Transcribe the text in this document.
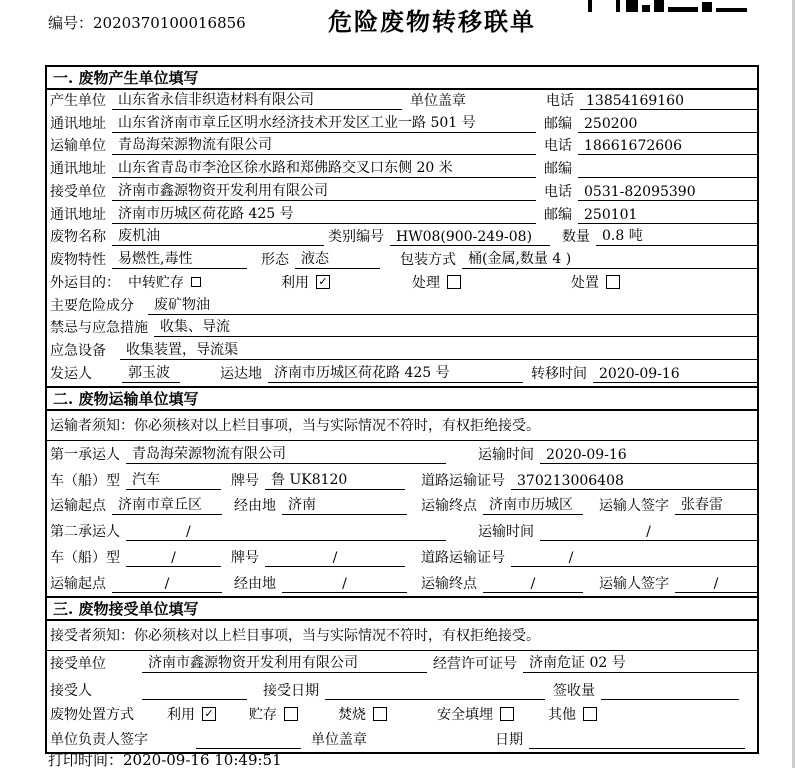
编号：2020370100016856	危险废物转移联单
一. 废物产生单位填写
产生单位 山东省永信非织造材料有限公司	单位盖章	电话 13854169160
通讯地址 山东省济南市章丘区明水经济技术开发区工业一路 501 号	邮编 250200
运输单位 青岛海荣源物流有限公司	电话 18661672606
通讯地址 山东省青岛市李沧区徐水路和郑佛路交叉口东侧 20 米	邮编
接受单位 济南市鑫源物资开发利用有限公司	电话 0531-82095390
通讯地址 济南市历城区荷花路 425 号	邮编 250101
废物名称 废机油	类别编号 HW08(900-249-08)	数量 0.8 吨
废物特性 易燃性,毒性	形态 液态	包装方式 桶(金属,数量 4 )
外运目的： 中转贮存	利用 ✓	处理	处置
主要危险成分	废矿物油
禁忌与应急措施 收集、导流
应急设备	收集装置，导流渠
发运人	郭玉波	运达地 济南市历城区荷花路 425 号	转移时间 2020-09-16
二. 废物运输单位填写
运输者须知：你必须核对以上栏目事项，当与实际情况不符时，有权拒绝接受。
第一承运人 青岛海荣源物流有限公司	运输时间 2020-09-16
车（船）型 汽车	牌号 鲁 UK8120	道路运输证号 370213006408
运输起点 济南市章丘区	经由地 济南	运输终点 济南市历城区	运输人签字 张春雷
第二承运人	/	运输时间	/
车（船）型	/	牌号	/	道路运输证号	/
运输起点	/	经由地	/	运输终点	/	运输人签字	/
三. 废物接受单位填写
接受者须知：你必须核对以上栏目事项，当与实际情况不符时，有权拒绝接受。
接受单位	济南市鑫源物资开发利用有限公司	经营许可证号 济南危证 02 号
接受人	接受日期	签收量
废物处置方式	利用 ✓	贮存	焚烧	安全填埋	其他
单位负责人签字	单位盖章	日期
打印时间：2020-09-16 10:49:51
